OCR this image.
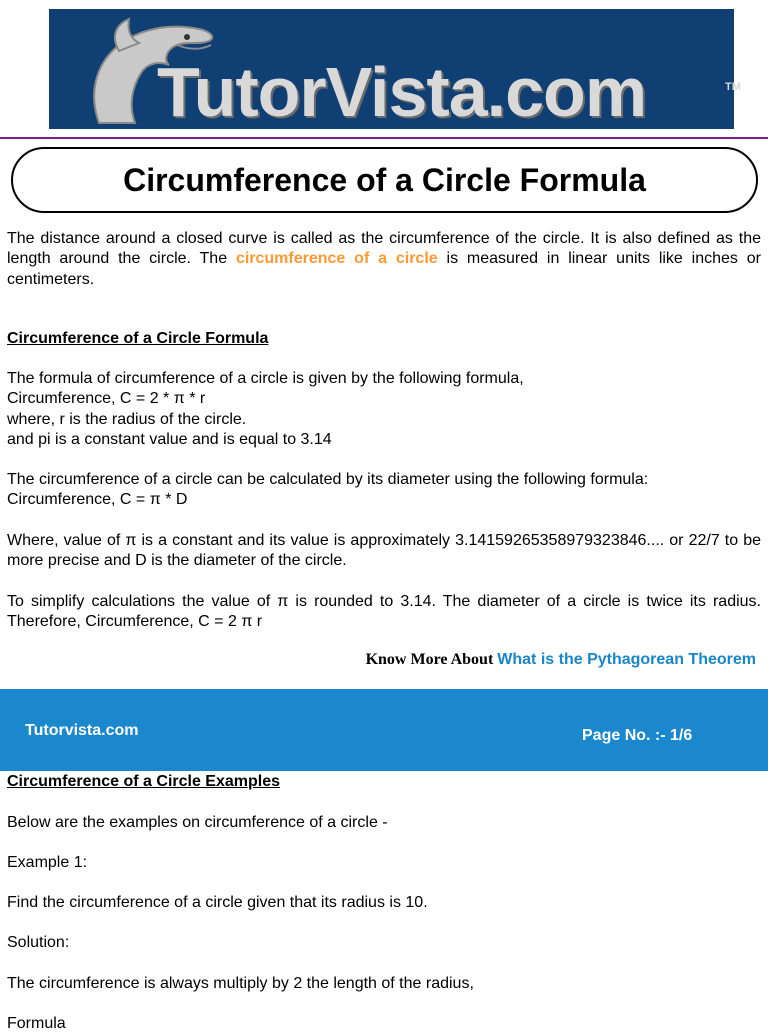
TutorVista.com	TM
Circumference of a Circle Formula
The distance around a closed curve is called as the circumference of the circle. It is also defined as the length around the circle. The circumference of a circle is measured in linear units like inches or centimeters.
Circumference of a Circle Formula
The formula of circumference of a circle is given by the following formula,
Circumference, C = 2 * π * r
where, r is the radius of the circle.
and pi is a constant value and is equal to 3.14
The circumference of a circle can be calculated by its diameter using the following formula:
Circumference, C = π * D
Where, value of π is a constant and its value is approximately 3.14159265358979323846.... or 22/7 to be more precise and D is the diameter of the circle.
To simplify calculations the value of π is rounded to 3.14. The diameter of a circle is twice its radius. Therefore, Circumference, C = 2 π r
Know More About What is the Pythagorean Theorem
Tutorvista.com	Page No. :- 1/6
Circumference of a Circle Examples
Below are the examples on circumference of a circle -
Example 1:
Find the circumference of a circle given that its radius is 10.
Solution:
The circumference is always multiply by 2 the length of the radius,
Formula
